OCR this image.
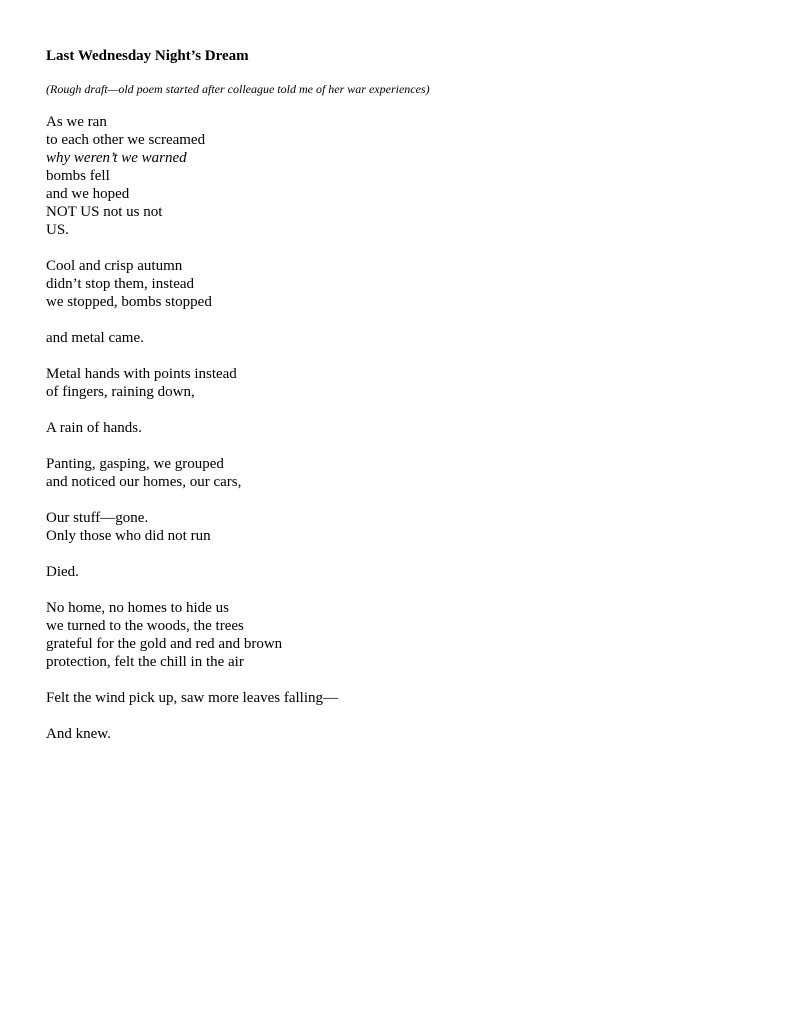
Last Wednesday Night’s Dream

(Rough draft—old poem started after colleague told me of her war experiences)

As we ran
to each other we screamed
why weren’t we warned
bombs fell
and we hoped
NOT US not us not
US.
Cool and crisp autumn
didn’t stop them, instead
we stopped, bombs stopped
and metal came.
Metal hands with points instead
of fingers, raining down,
A rain of hands.
Panting, gasping, we grouped
and noticed our homes, our cars,
Our stuff—gone.
Only those who did not run
Died.
No home, no homes to hide us
we turned to the woods, the trees
grateful for the gold and red and brown
protection, felt the chill in the air
Felt the wind pick up, saw more leaves falling—
And knew.
